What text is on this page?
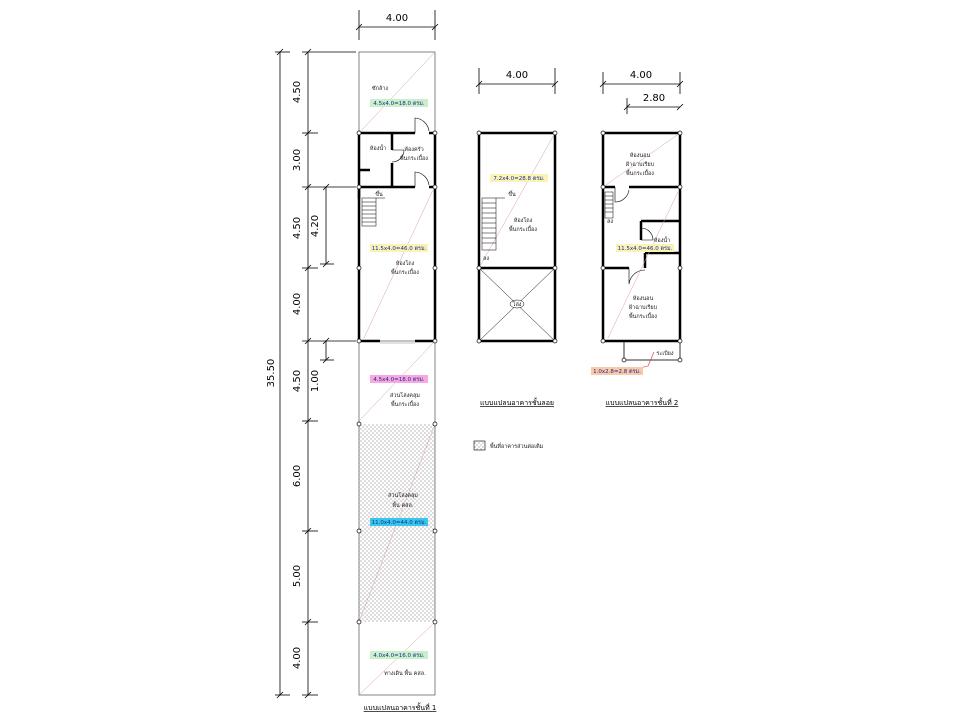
4.00
4.00	4.00
2.80
35.50
4.50
3.00
4.50
4.00
4.50
6.00
5.00
4.00
4.20
1.00
ซักล้าง
ห้องน้ำ	ห้องครัว
พื้นกระเบื้อง
ขึ้น
ห้องโถง
พื้นกระเบื้อง
ส่วนโล่งคลุม
พื้นกระเบื้อง
ส่วนโล่งคลุม
พื้น คสล.
ทางเดิน พื้น คสล.
4.5x4.0=18.0 ตรม.
11.5x4.0=46.0 ตรม.
4.5x4.0=18.0 ตรม.
11.0x4.0=44.0 ตรม.
4.0x4.0=16.0 ตรม.
แบบแปลนอาคารชั้นที่ 1
โล่ง
ขึ้น
ลง
ห้องโถง
พื้นกระเบื้อง
7.2x4.0=28.8 ตรม.
แบบแปลนอาคารชั้นลอย
ห้องนอน
ฝ้าฉาบเรียบ
พื้นกระเบื้อง
ลง
ห้องน้ำ
ห้องนอน
ฝ้าฉาบเรียบ
พื้นกระเบื้อง
ระเบียง
11.5x4.0=46.0 ตรม.
1.0x2.8=2.8 ตรม.
แบบแปลนอาคารชั้นที่ 2
พื้นที่อาคารส่วนต่อเติม
